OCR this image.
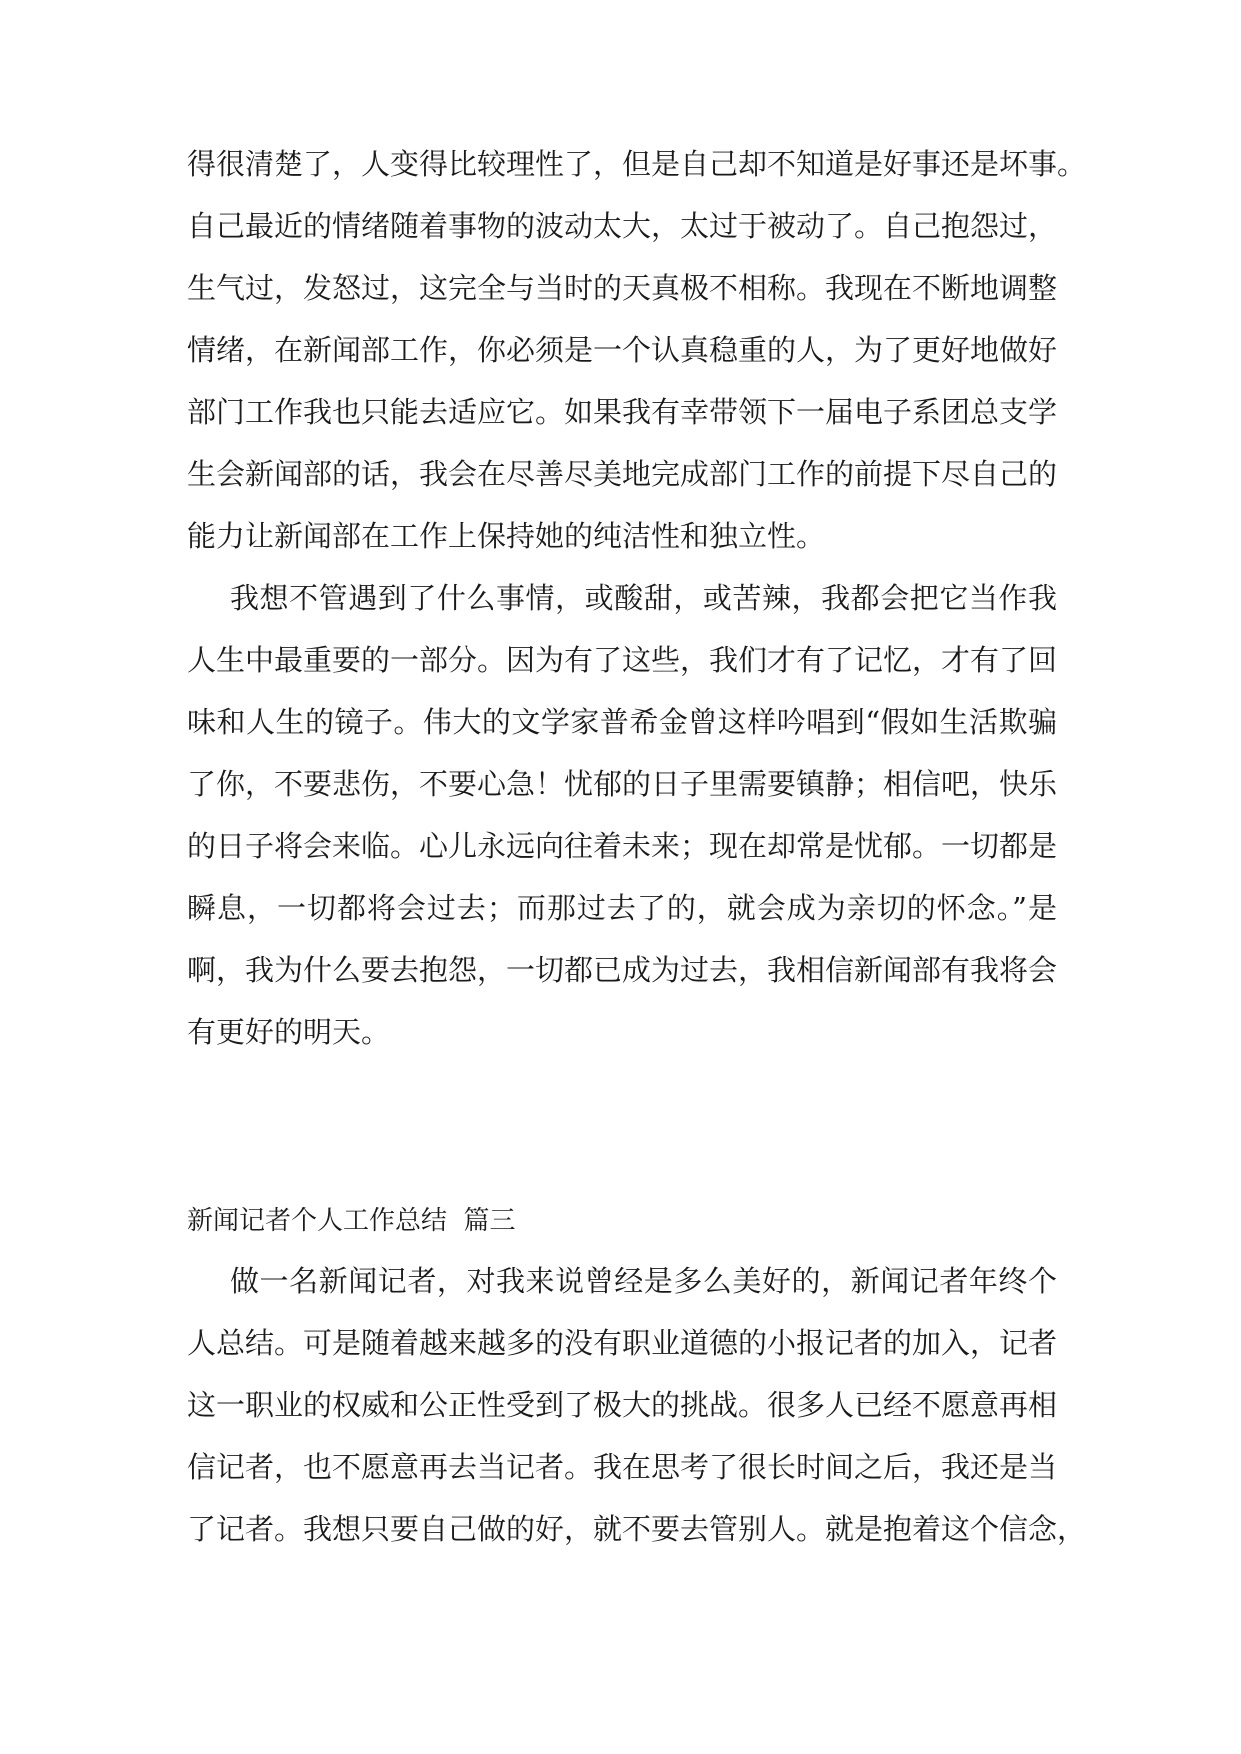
得很清楚了，人变得比较理性了，但是自己却不知道是好事还是坏事。
自己最近的情绪随着事物的波动太大，太过于被动了。自己抱怨过，
生气过，发怒过，这完全与当时的天真极不相称。我现在不断地调整
情绪，在新闻部工作，你必须是一个认真稳重的人，为了更好地做好
部门工作我也只能去适应它。如果我有幸带领下一届电子系团总支学
生会新闻部的话，我会在尽善尽美地完成部门工作的前提下尽自己的
能力让新闻部在工作上保持她的纯洁性和独立性。
我想不管遇到了什么事情，或酸甜，或苦辣，我都会把它当作我
人生中最重要的一部分。因为有了这些，我们才有了记忆，才有了回
味和人生的镜子。伟大的文学家普希金曾这样吟唱到“假如生活欺骗
了你，不要悲伤，不要心急！忧郁的日子里需要镇静；相信吧，快乐
的日子将会来临。心儿永远向往着未来；现在却常是忧郁。一切都是
瞬息，一切都将会过去；而那过去了的，就会成为亲切的怀念。”是
啊，我为什么要去抱怨，一切都已成为过去，我相信新闻部有我将会
有更好的明天。
新闻记者个人工作总结  篇三
做一名新闻记者，对我来说曾经是多么美好的，新闻记者年终个
人总结。可是随着越来越多的没有职业道德的小报记者的加入，记者
这一职业的权威和公正性受到了极大的挑战。很多人已经不愿意再相
信记者，也不愿意再去当记者。我在思考了很长时间之后，我还是当
了记者。我想只要自己做的好，就不要去管别人。就是抱着这个信念，
